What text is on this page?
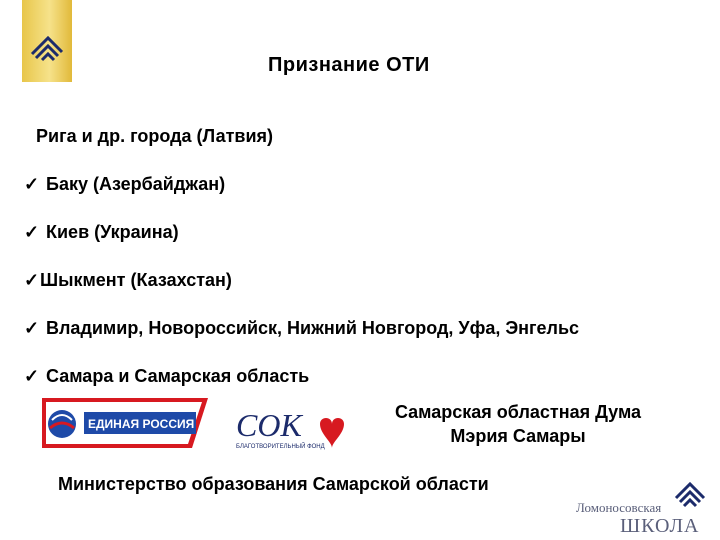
Признание ОТИ
Рига и др. города (Латвия)
✓ Баку (Азербайджан)
✓ Киев (Украина)
✓Шыкмент (Казахстан)
✓ Владимир, Новороссийск, Нижний Новгород, Уфа, Энгельс
✓ Самара и Самарская область
ЕДИНАЯ РОССИЯ СОК
БЛАГОТВОРИТЕЛЬНЫЙ ФОНД
Самарская областная Дума
Мэрия Самары
Министерство образования Самарской области
Ломоносовская
ШКОЛА
